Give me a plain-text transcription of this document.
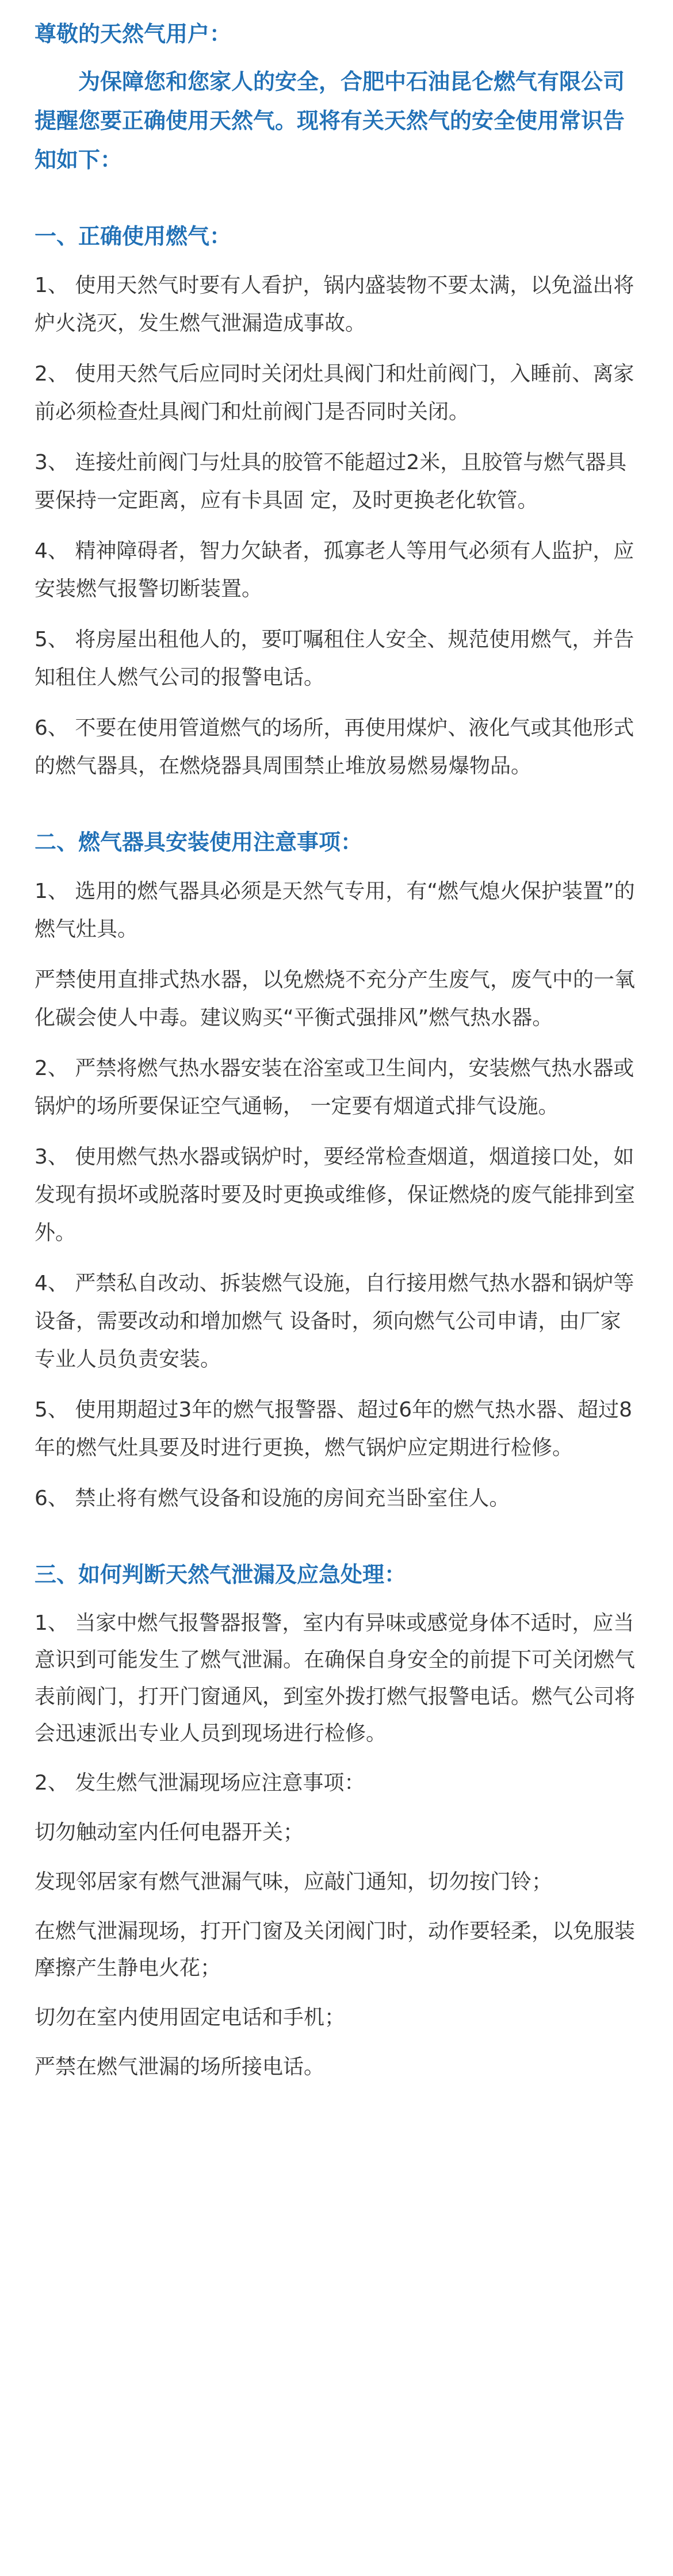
尊敬的天然气用户：

为保障您和您家人的安全，合肥中石油昆仑燃气有限公司提醒您要正确使用天然气。现将有关天然气的安全使用常识告知如下：

一、正确使用燃气：

1、 使用天然气时要有人看护，锅内盛装物不要太满，以免溢出将炉火浇灭，发生燃气泄漏造成事故。

2、 使用天然气后应同时关闭灶具阀门和灶前阀门，入睡前、离家前必须检查灶具阀门和灶前阀门是否同时关闭。

3、 连接灶前阀门与灶具的胶管不能超过2米，且胶管与燃气器具要保持一定距离，应有卡具固 定，及时更换老化软管。

4、 精神障碍者，智力欠缺者，孤寡老人等用气必须有人监护，应安装燃气报警切断装置。

5、 将房屋出租他人的，要叮嘱租住人安全、规范使用燃气，并告知租住人燃气公司的报警电话。

6、 不要在使用管道燃气的场所，再使用煤炉、液化气或其他形式的燃气器具，在燃烧器具周围禁止堆放易燃易爆物品。

二、燃气器具安装使用注意事项：

1、 选用的燃气器具必须是天然气专用，有“燃气熄火保护装置”的燃气灶具。

严禁使用直排式热水器，以免燃烧不充分产生废气，废气中的一氧化碳会使人中毒。建议购买“平衡式强排风”燃气热水器。

2、 严禁将燃气热水器安装在浴室或卫生间内，安装燃气热水器或锅炉的场所要保证空气通畅， 一定要有烟道式排气设施。

3、 使用燃气热水器或锅炉时，要经常检查烟道，烟道接口处，如发现有损坏或脱落时要及时更换或维修，保证燃烧的废气能排到室外。

4、 严禁私自改动、拆装燃气设施，自行接用燃气热水器和锅炉等设备，需要改动和增加燃气 设备时，须向燃气公司申请，由厂家专业人员负责安装。

5、 使用期超过3年的燃气报警器、超过6年的燃气热水器、超过8年的燃气灶具要及时进行更换，燃气锅炉应定期进行检修。

6、 禁止将有燃气设备和设施的房间充当卧室住人。

三、如何判断天然气泄漏及应急处理：

1、 当家中燃气报警器报警，室内有异味或感觉身体不适时，应当意识到可能发生了燃气泄漏。在确保自身安全的前提下可关闭燃气表前阀门，打开门窗通风，到室外拨打燃气报警电话。燃气公司将会迅速派出专业人员到现场进行检修。

2、 发生燃气泄漏现场应注意事项：

切勿触动室内任何电器开关；

发现邻居家有燃气泄漏气味，应敲门通知，切勿按门铃；

在燃气泄漏现场，打开门窗及关闭阀门时，动作要轻柔，以免服装摩擦产生静电火花；

切勿在室内使用固定电话和手机；

严禁在燃气泄漏的场所接电话。
